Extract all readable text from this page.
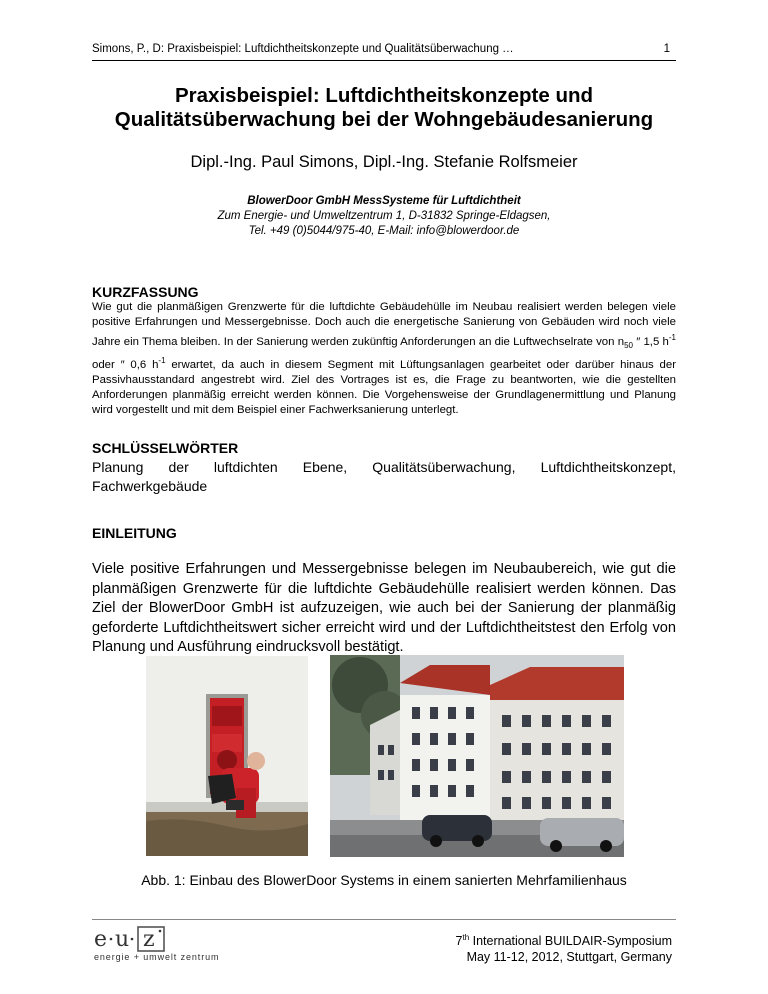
Simons, P., D: Praxisbeispiel: Luftdichtheitskonzepte und Qualitätsüberwachung …	1
Praxisbeispiel: Luftdichtheitskonzepte und
Qualitätsüberwachung bei der Wohngebäudesanierung
Dipl.-Ing. Paul Simons, Dipl.-Ing. Stefanie Rolfsmeier
BlowerDoor GmbH MessSysteme für Luftdichtheit
Zum Energie- und Umweltzentrum 1, D-31832 Springe-Eldagsen,
Tel. +49 (0)5044/975-40, E-Mail: info@blowerdoor.de
KURZFASSUNG
Wie gut die planmäßigen Grenzwerte für die luftdichte Gebäudehülle im Neubau realisiert werden belegen viele positive Erfahrungen und Messergebnisse. Doch auch die energetische Sanierung von Gebäuden wird noch viele Jahre ein Thema bleiben. In der Sanierung werden zukünftig Anforderungen an die Luftwechselrate von $n_{50}$ ″ 1,5 $h^{-1}$ oder ″ 0,6 $h^{-1}$ erwartet, da auch in diesem Segment mit Lüftungsanlagen gearbeitet oder darüber hinaus der Passivhausstandard angestrebt wird. Ziel des Vortrages ist es, die Frage zu beantworten, wie die gestellten Anforderungen planmäßig erreicht werden können. Die Vorgehensweise der Grundlagenermittlung und Planung wird vorgestellt und mit dem Beispiel einer Fachwerksanierung unterlegt.
SCHLÜSSELWÖRTER
Planung der luftdichten Ebene, Qualitätsüberwachung, Luftdichtheitskonzept, Fachwerkgebäude
EINLEITUNG
Viele positive Erfahrungen und Messergebnisse belegen im Neubaubereich, wie gut die planmäßigen Grenzwerte für die luftdichte Gebäudehülle realisiert werden können. Das Ziel der BlowerDoor GmbH ist aufzuzeigen, wie auch bei der Sanierung der planmäßig geforderte Luftdichtheitswert sicher erreicht wird und der Luftdichtheitstest den Erfolg von Planung und Ausführung eindrucksvoll bestätigt.
Abb. 1: Einbau des BlowerDoor Systems in einem sanierten Mehrfamilienhaus
e u z
energie + umwelt zentrum
7th International BUILDAIR-Symposium
May 11-12, 2012, Stuttgart, Germany
